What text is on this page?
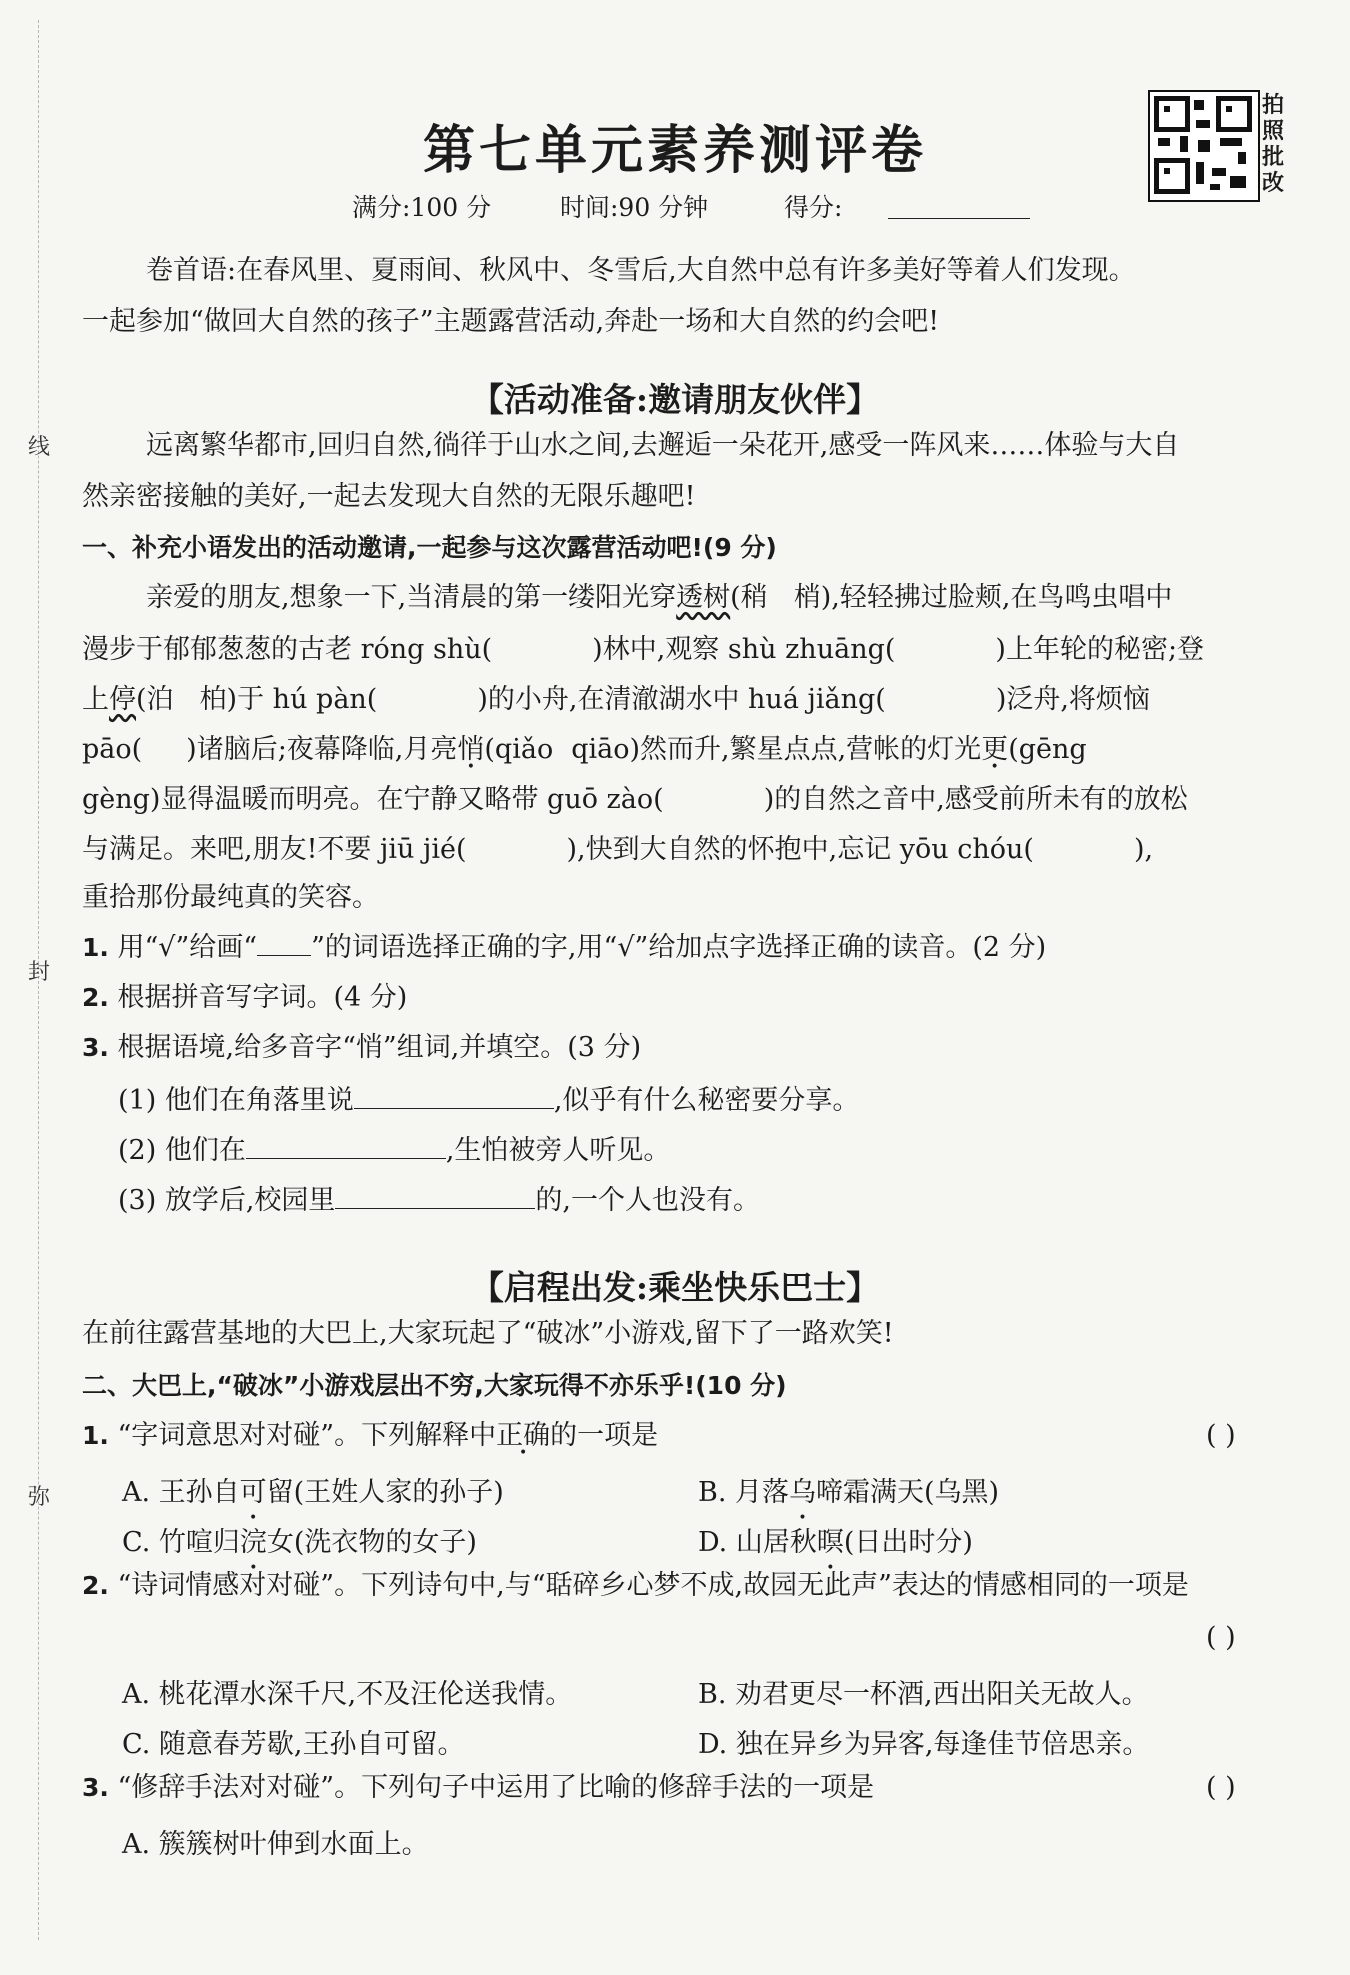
线
封
弥
第七单元素养测评卷
拍照批改
满分:100 分	时间:90 分钟	得分:
卷首语:在春风里、夏雨间、秋风中、冬雪后,大自然中总有许多美好等着人们发现。
一起参加“做回大自然的孩子”主题露营活动,奔赴一场和大自然的约会吧!
【活动准备:邀请朋友伙伴】
远离繁华都市,回归自然,徜徉于山水之间,去邂逅一朵花开,感受一阵风来……体验与大自
然亲密接触的美好,一起去发现大自然的无限乐趣吧!
一、补充小语发出的活动邀请,一起参与这次露营活动吧!(9 分)
亲爱的朋友,想象一下,当清晨的第一缕阳光穿透树(稍 梢),轻轻拂过脸颊,在鸟鸣虫唱中
漫步于郁郁葱葱的古老 róng shù(	)林中,观察 shù zhuāng(	)上年轮的秘密;登
上停(泊 柏)于 hú pàn(	)的小舟,在清澈湖水中 huá jiǎng(	)泛舟,将烦恼
pāo( )诸脑后;夜幕降临,月亮悄(qiǎo qiāo)然而升,繁星点点,营帐的灯光更(gēng
gèng)显得温暖而明亮。在宁静又略带 guō zào(	)的自然之音中,感受前所未有的放松
与满足。来吧,朋友!不要 jiū jié(	),快到大自然的怀抱中,忘记 yōu chóu(	),
重拾那份最纯真的笑容。
1. 用“√”给画“ ”的词语选择正确的字,用“√”给加点字选择正确的读音。(2 分)
2. 根据拼音写字词。(4 分)
3. 根据语境,给多音字“悄”组词,并填空。(3 分)
(1) 他们在角落里说	,似乎有什么秘密要分享。
(2) 他们在	,生怕被旁人听见。
(3) 放学后,校园里	的,一个人也没有。
【启程出发:乘坐快乐巴士】
在前往露营基地的大巴上,大家玩起了“破冰”小游戏,留下了一路欢笑!
二、大巴上,“破冰”小游戏层出不穷,大家玩得不亦乐乎!(10 分)
1. “字词意思对对碰”。下列解释中正确的一项是	( )
A. 王孙自可留(王姓人家的孙子)	B. 月落乌啼霜满天(乌黑)
C. 竹喧归浣女(洗衣物的女子)	D. 山居秋暝(日出时分)
2. “诗词情感对对碰”。下列诗句中,与“聒碎乡心梦不成,故园无此声”表达的情感相同的一项是
( )
A. 桃花潭水深千尺,不及汪伦送我情。	B. 劝君更尽一杯酒,西出阳关无故人。
C. 随意春芳歇,王孙自可留。	D. 独在异乡为异客,每逢佳节倍思亲。
3. “修辞手法对对碰”。下列句子中运用了比喻的修辞手法的一项是	( )
A. 簇簇树叶伸到水面上。
